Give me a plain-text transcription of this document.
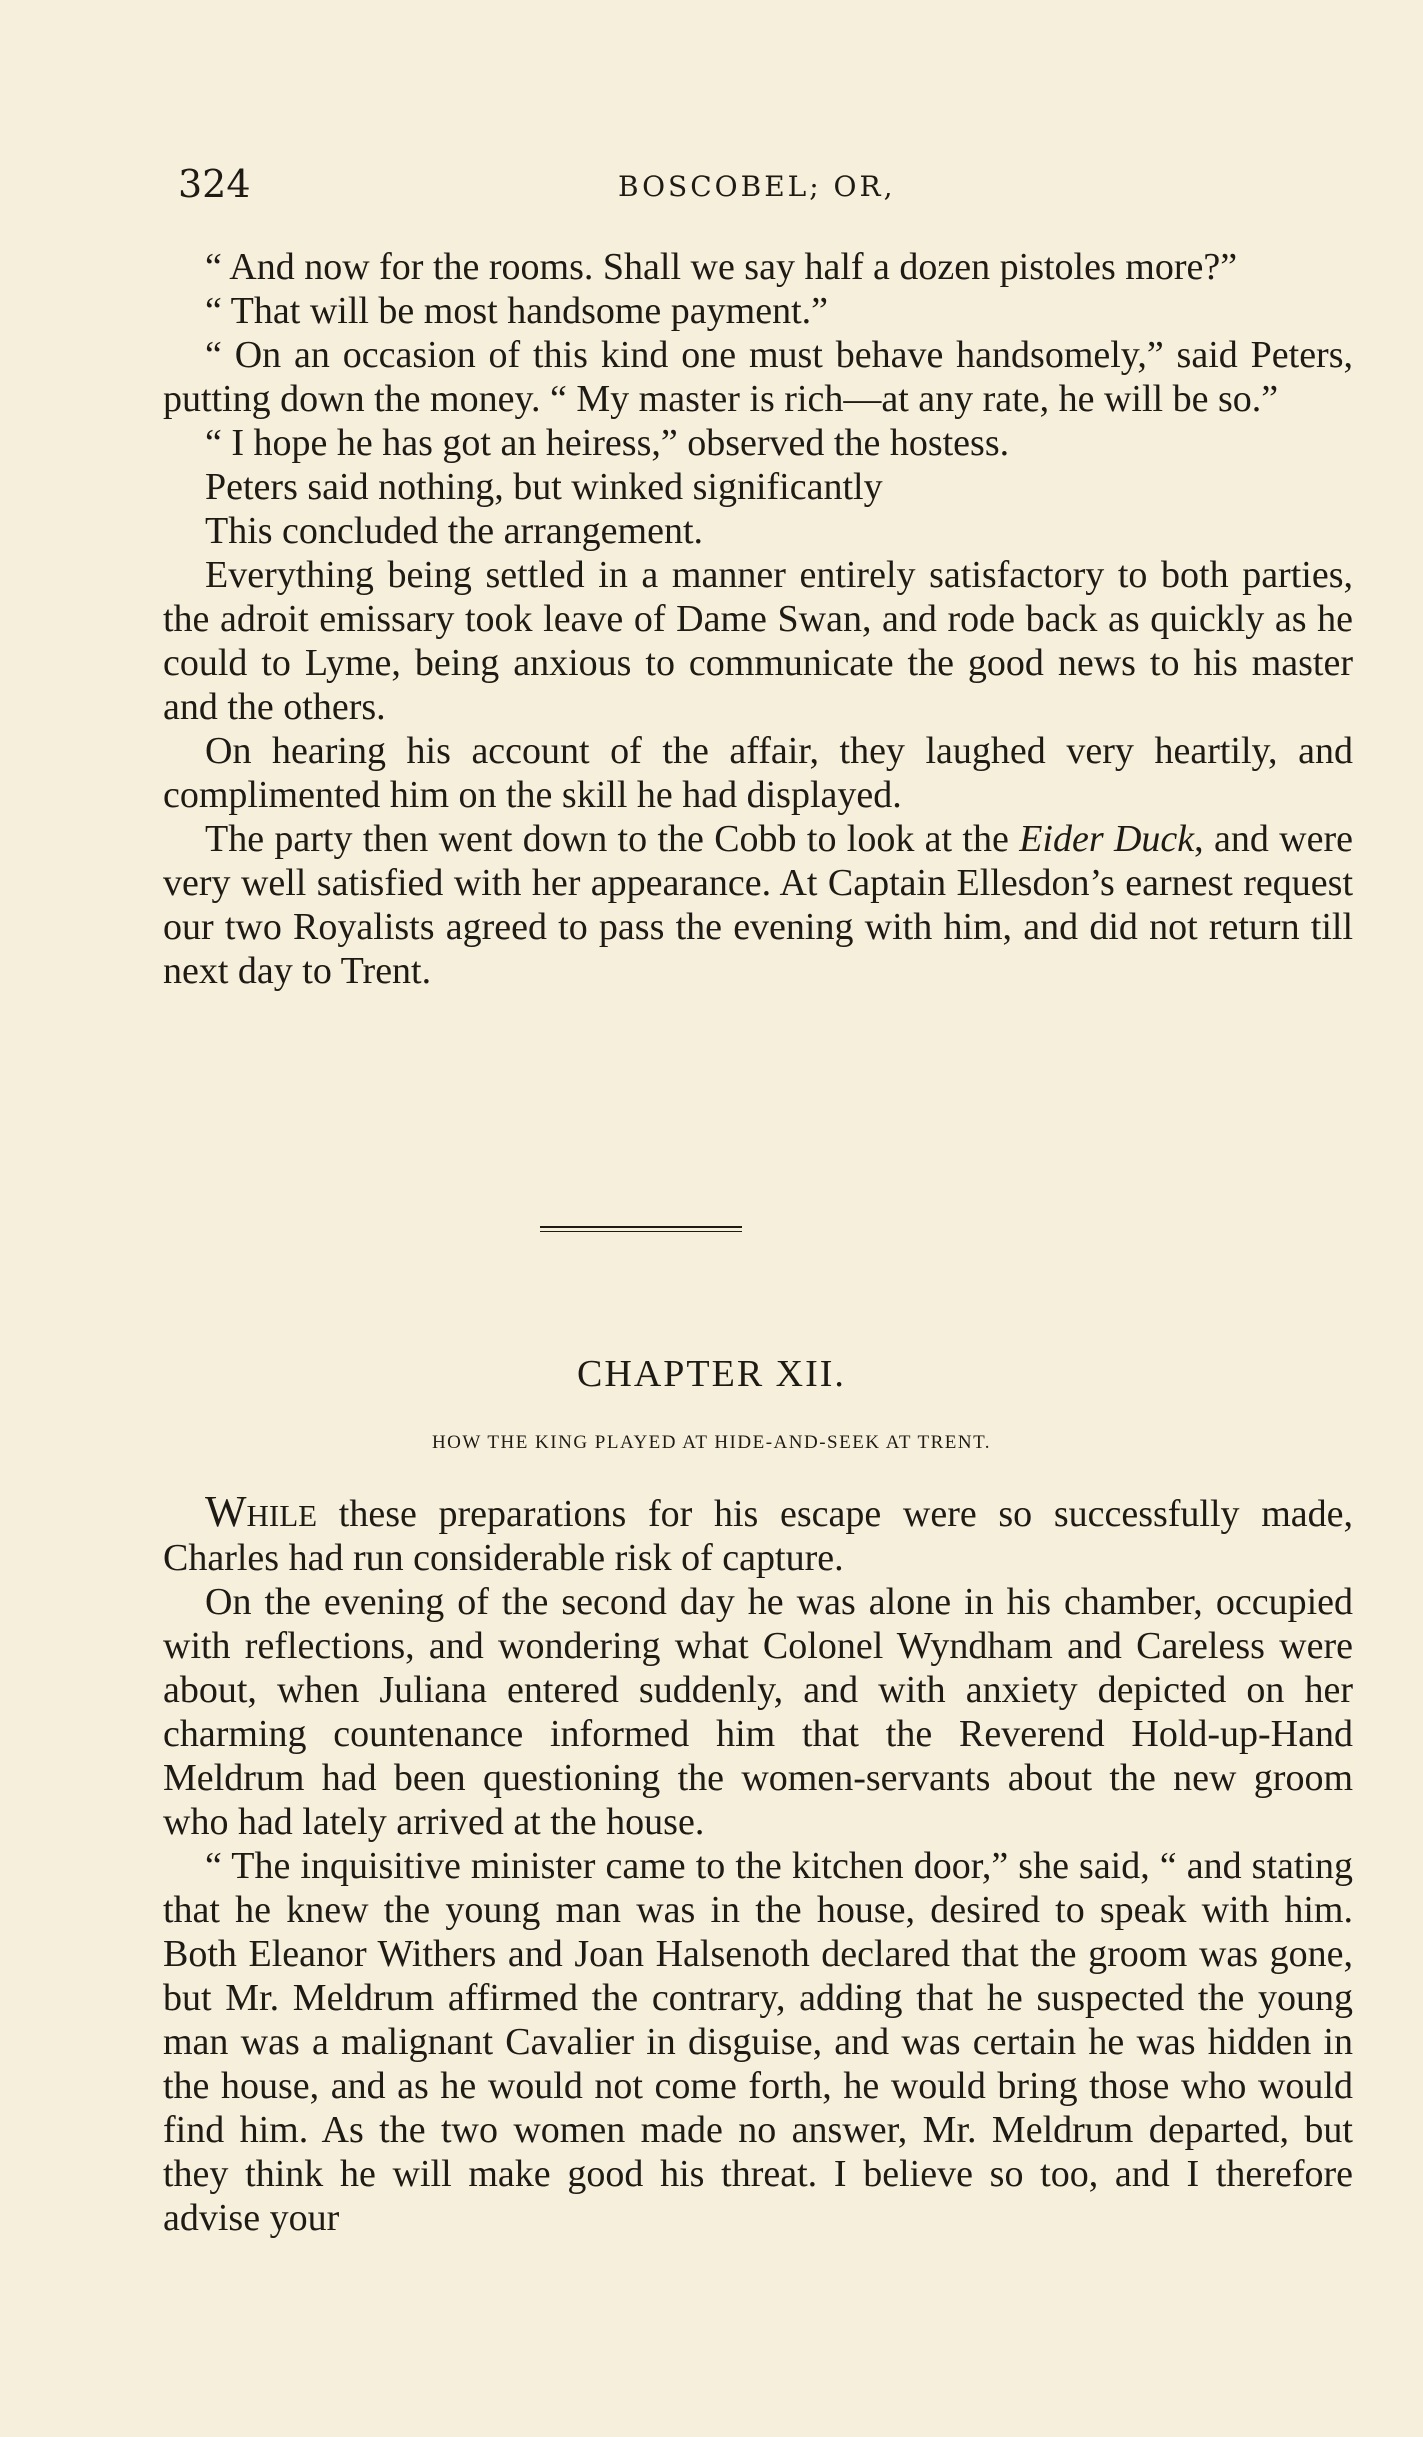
324	BOSCOBEL; OR,

“ And now for the rooms. Shall we say half a dozen pistoles more?”

“ That will be most handsome payment.”

“ On an occasion of this kind one must behave handsomely,” said Peters, putting down the money. “ My master is rich—at any rate, he will be so.”

“ I hope he has got an heiress,” observed the hostess.

Peters said nothing, but winked significantly

This concluded the arrangement.

Everything being settled in a manner entirely satisfactory to both parties, the adroit emissary took leave of Dame Swan, and rode back as quickly as he could to Lyme, being anxious to communicate the good news to his master and the others.

On hearing his account of the affair, they laughed very heartily, and complimented him on the skill he had displayed.

The party then went down to the Cobb to look at the Eider Duck, and were very well satisfied with her appearance. At Captain Ellesdon’s earnest request our two Royalists agreed to pass the evening with him, and did not return till next day to Trent.

CHAPTER XII.
HOW THE KING PLAYED AT HIDE-AND-SEEK AT TRENT.

While these preparations for his escape were so successfully made, Charles had run considerable risk of capture.

On the evening of the second day he was alone in his chamber, occupied with reflections, and wondering what Colonel Wyndham and Careless were about, when Juliana entered suddenly, and with anxiety depicted on her charming countenance informed him that the Reverend Hold-up-Hand Meldrum had been questioning the women-servants about the new groom who had lately arrived at the house.

“ The inquisitive minister came to the kitchen door,” she said, “ and stating that he knew the young man was in the house, desired to speak with him. Both Eleanor Withers and Joan Halsenoth declared that the groom was gone, but Mr. Meldrum affirmed the contrary, adding that he suspected the young man was a malignant Cavalier in disguise, and was certain he was hidden in the house, and as he would not come forth, he would bring those who would find him. As the two women made no answer, Mr. Meldrum departed, but they think he will make good his threat. I believe so too, and I therefore advise your
